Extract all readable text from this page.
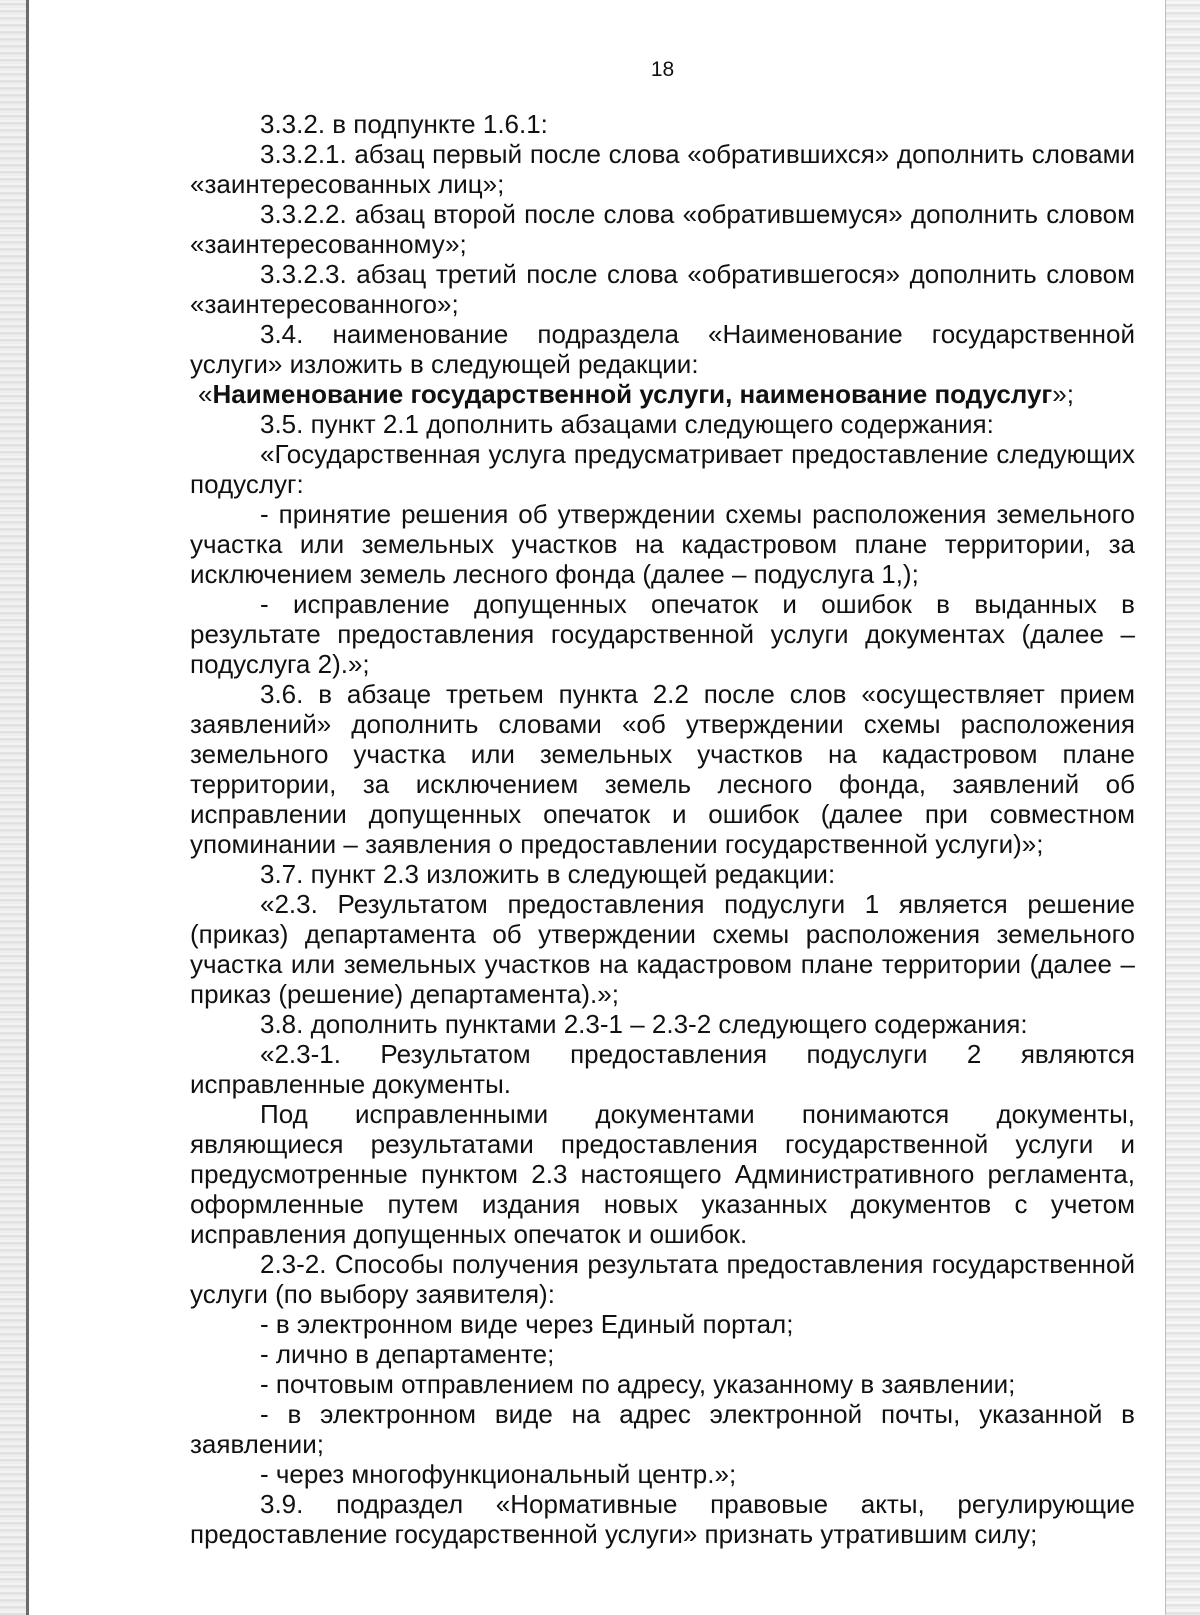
18

3.3.2. в подпункте 1.6.1:

3.3.2.1. абзац первый после слова «обратившихся» дополнить словами «заинтересованных лиц»;

3.3.2.2. абзац второй после слова «обратившемуся» дополнить словом «заинтересованному»;

3.3.2.3. абзац третий после слова «обратившегося» дополнить словом «заинтересованного»;

3.4. наименование подраздела «Наименование государственной услуги» изложить в следующей редакции:

«Наименование государственной услуги, наименование подуслуг»;

3.5. пункт 2.1 дополнить абзацами следующего содержания:

«Государственная услуга предусматривает предоставление следующих подуслуг:

- принятие решения об утверждении схемы расположения земельного участка или земельных участков на кадастровом плане территории, за исключением земель лесного фонда (далее – подуслуга 1,);

- исправление допущенных опечаток и ошибок в выданных в результате предоставления государственной услуги документах (далее – подуслуга 2).»;

3.6. в абзаце третьем пункта 2.2 после слов «осуществляет прием заявлений» дополнить словами «об утверждении схемы расположения земельного участка или земельных участков на кадастровом плане территории, за исключением земель лесного фонда, заявлений об исправлении допущенных опечаток и ошибок (далее при совместном упоминании – заявления о предоставлении государственной услуги)»;

3.7. пункт 2.3 изложить в следующей редакции:

«2.3. Результатом предоставления подуслуги 1 является решение (приказ) департамента об утверждении схемы расположения земельного участка или земельных участков на кадастровом плане территории (далее – приказ (решение) департамента).»;

3.8. дополнить пунктами 2.3-1 – 2.3-2 следующего содержания:

«2.3-1. Результатом предоставления подуслуги 2 являются исправленные документы.

Под исправленными документами понимаются документы, являющиеся результатами предоставления государственной услуги и предусмотренные пунктом 2.3 настоящего Административного регламента, оформленные путем издания новых указанных документов с учетом исправления допущенных опечаток и ошибок.

2.3-2. Способы получения результата предоставления государственной услуги (по выбору заявителя):

- в электронном виде через Единый портал;

- лично в департаменте;

- почтовым отправлением по адресу, указанному в заявлении;

- в электронном виде на адрес электронной почты, указанной в заявлении;

- через многофункциональный центр.»;

3.9. подраздел «Нормативные правовые акты, регулирующие предоставление государственной услуги» признать утратившим силу;
